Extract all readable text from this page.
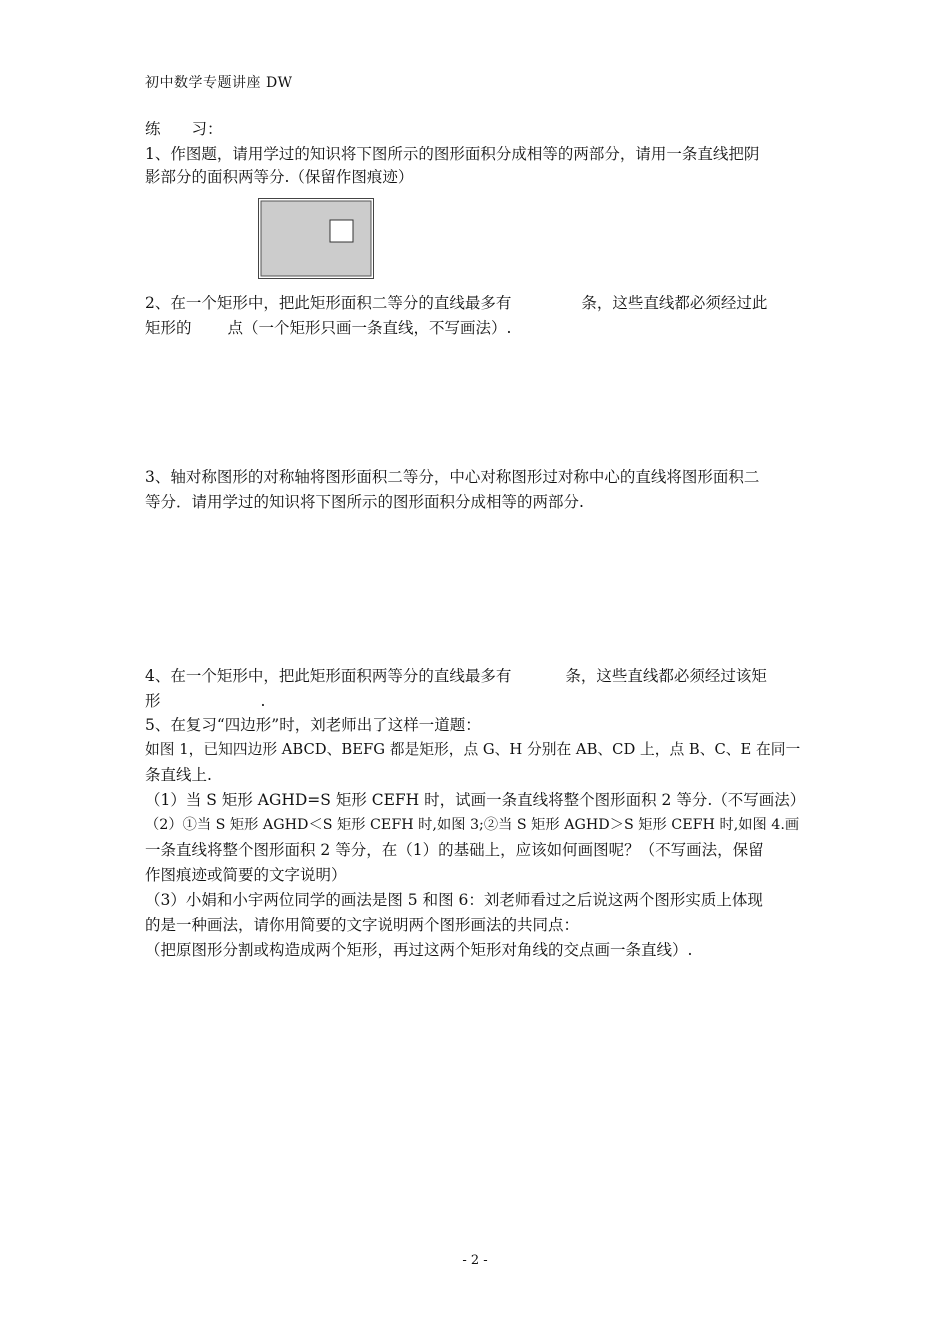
初中数学专题讲座 DW
练　　习：
1、作图题，请用学过的知识将下图所示的图形面积分成相等的两部分，请用一条直线把阴
影部分的面积两等分.（保留作图痕迹）
2、在一个矩形中，把此矩形面积二等分的直线最多有	条，这些直线都必须经过此
矩形的 点（一个矩形只画一条直线，不写画法）.
3、轴对称图形的对称轴将图形面积二等分，中心对称图形过对称中心的直线将图形面积二
等分．请用学过的知识将下图所示的图形面积分成相等的两部分.
4、在一个矩形中，把此矩形面积两等分的直线最多有	条，这些直线都必须经过该矩
形	.
5、在复习“四边形”时，刘老师出了这样一道题：
如图 1，已知四边形 ABCD、BEFG 都是矩形，点 G、H 分别在 AB、CD 上，点 B、C、E 在同一
条直线上.
（1）当 S 矩形 AGHD=S 矩形 CEFH 时，试画一条直线将整个图形面积 2 等分.（不写画法）
（2）①当 S 矩形 AGHD＜S 矩形 CEFH 时,如图 3;②当 S 矩形 AGHD＞S 矩形 CEFH 时,如图 4.画
一条直线将整个图形面积 2 等分，在（1）的基础上，应该如何画图呢？（不写画法，保留
作图痕迹或简要的文字说明）
（3）小娟和小宇两位同学的画法是图 5 和图 6：刘老师看过之后说这两个图形实质上体现
的是一种画法，请你用简要的文字说明两个图形画法的共同点：
（把原图形分割或构造成两个矩形，再过这两个矩形对角线的交点画一条直线）.
- 2 -
